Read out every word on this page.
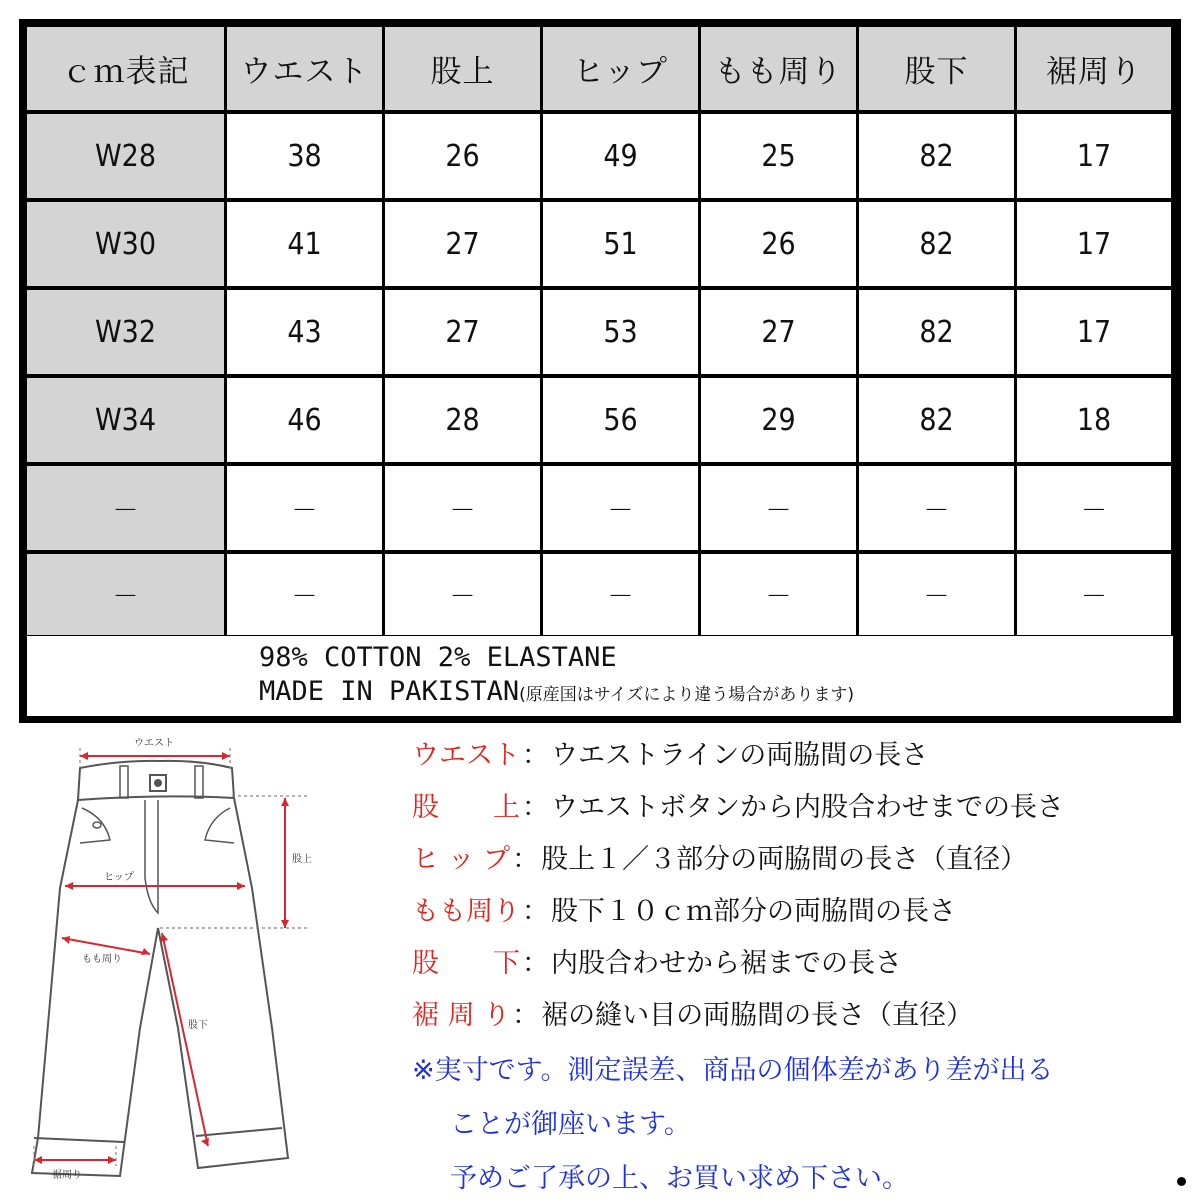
ｃｍ表記	ウエスト	股上	ヒップ	もも周り	股下	裾周り
W28	38	26	49	25	82	17
W30	41	27	51	26	82	17
W32	43	27	53	27	82	17
W34	46	28	56	29	82	18
－	－	－	－	－	－	－
－	－	－	－	－	－	－
98% COTTON 2% ELASTANE
MADE IN PAKISTAN(原産国はサイズにより違う場合があります)
ウエスト
股上
ヒップ
もも周り
股下
裾周り
ウエスト ： ウエストラインの両脇間の長さ
股　　上 ： ウエストボタンから内股合わせまでの長さ
ヒ ッ プ ： 股上１／３部分の両脇間の長さ（直径）
もも周り ： 股下１０ｃｍ部分の両脇間の長さ
股　　下 ： 内股合わせから裾までの長さ
裾 周 り ： 裾の縫い目の両脇間の長さ（直径）
※実寸です。測定誤差、商品の個体差があり差が出る
ことが御座います。
予めご了承の上、お買い求め下さい。
